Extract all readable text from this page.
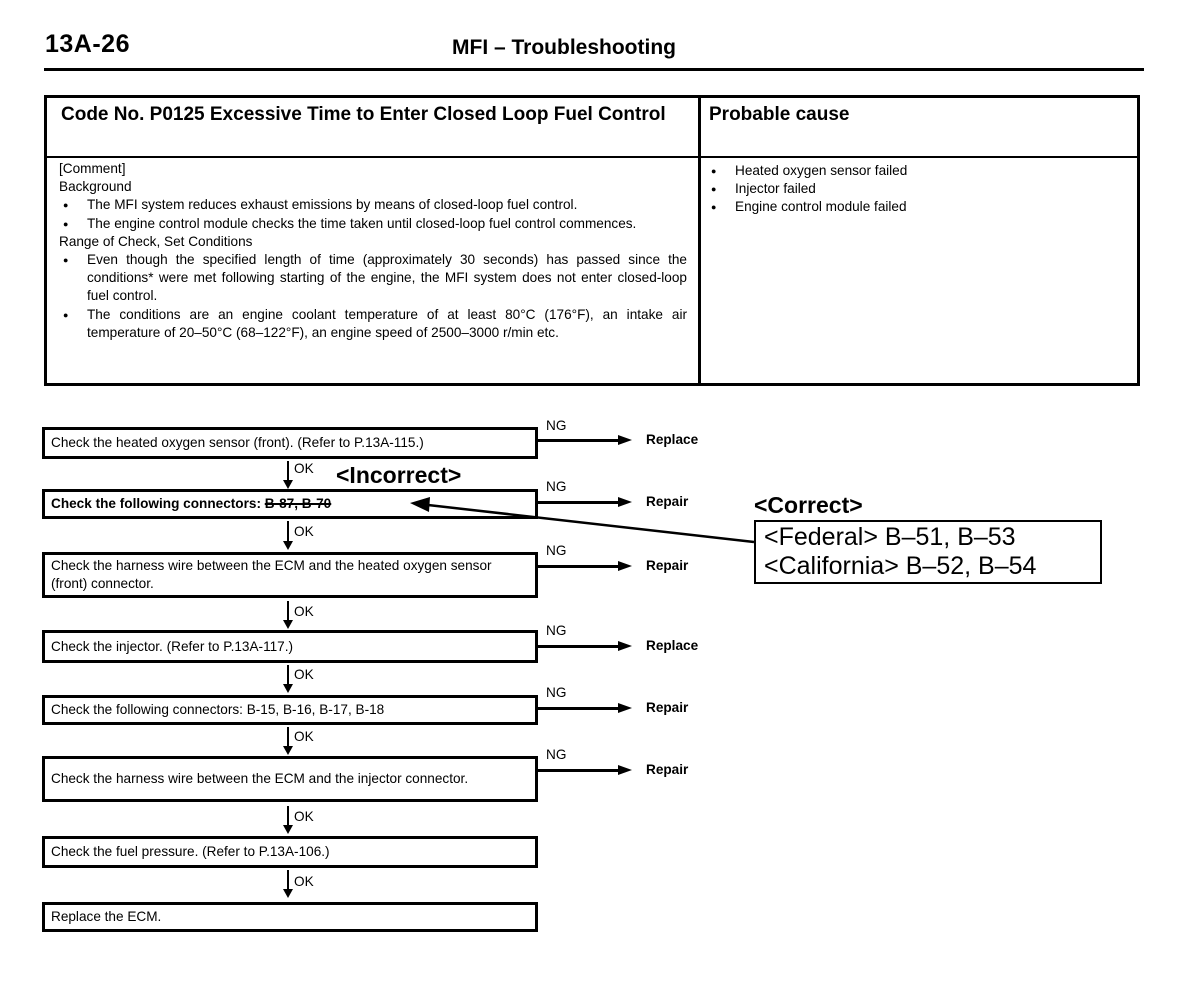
13A-26	MFI – Troubleshooting
Code No. P0125 Excessive Time to Enter Closed Loop Fuel Control	Probable cause

[Comment]

Background

● The MFI system reduces exhaust emissions by means of closed-loop fuel control.
● The engine control module checks the time taken until closed-loop fuel control commences.

Range of Check, Set Conditions

● Even though the specified length of time (approximately 30 seconds) has passed since the conditions* were met following starting of the engine, the MFI system does not enter closed-loop fuel control.
● The conditions are an engine coolant temperature of at least 80°C (176°F), an intake air temperature of 20–50°C (68–122°F), an engine speed of 2500–3000 r/min etc.
● Heated oxygen sensor failed
● Injector failed
● Engine control module failed
Check the heated oxygen sensor (front). (Refer to P.13A-115.)
NG
Replace
OK
Check the following connectors:
B-87, B-70
NG
Repair
OK
Check the harness wire between the ECM and the heated oxygen sensor (front) connector.
NG
Repair
OK
Check the injector. (Refer to P.13A-117.)
NG
Replace
OK
Check the following connectors: B-15, B-16, B-17, B-18
NG
Repair
OK
Check the harness wire between the ECM and the injector connector.
NG
Repair
OK
Check the fuel pressure. (Refer to P.13A-106.)
OK
Replace the ECM.
<Incorrect>
<Correct>
<Federal> B–51, B–53
<California> B–52, B–54
